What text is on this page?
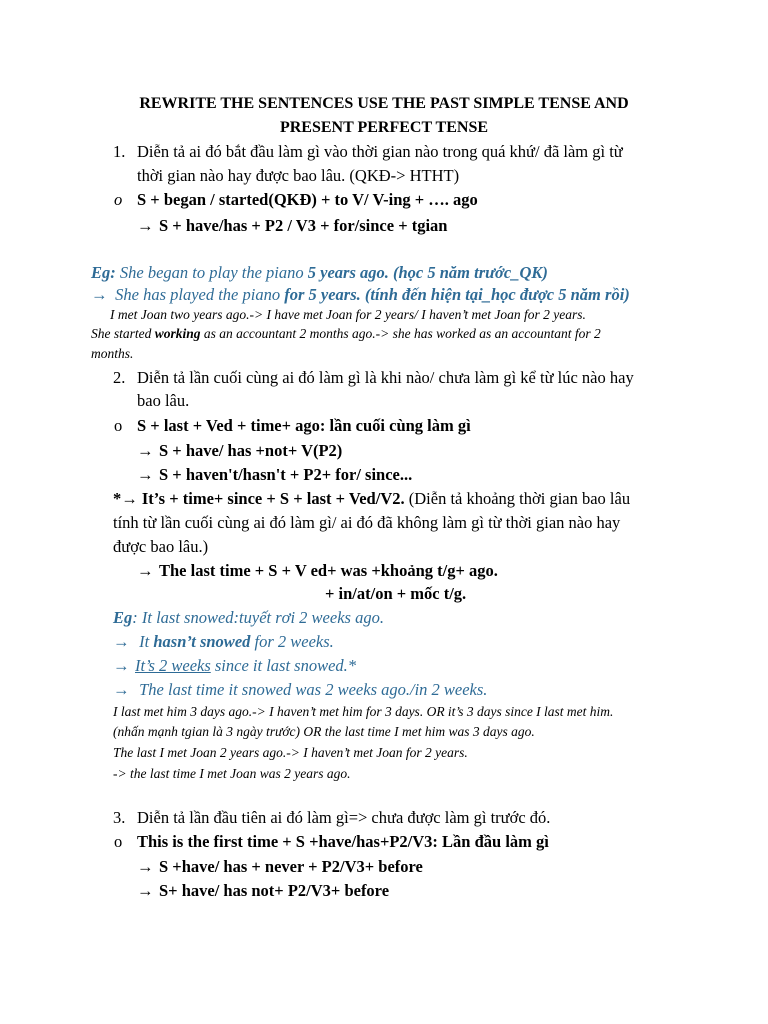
REWRITE THE SENTENCES USE THE PAST SIMPLE TENSE AND
PRESENT PERFECT TENSE
1. Diễn tả ai đó bắt đầu làm gì vào thời gian nào trong quá khứ/ đã làm gì từ
thời gian nào hay được bao lâu. (QKĐ-> HTHT)
o S + began / started(QKĐ) + to V/ V-ing + …. ago
→ S + have/has + P2 / V3 + for/since + tgian
Eg: She began to play the piano 5 years ago. (học 5 năm trước_QK)
→ She has played the piano for 5 years. (tính đến hiện tại_học được 5 năm rồi)
I met Joan two years ago.-> I have met Joan for 2 years/ I haven’t met Joan for 2 years.
She started working as an accountant 2 months ago.-> she has worked as an accountant for 2
months.
2. Diễn tả lần cuối cùng ai đó làm gì là khi nào/ chưa làm gì kể từ lúc nào hay
bao lâu.
o S + last + Ved + time+ ago: lần cuối cùng làm gì
→ S + have/ has +not+ V(P2)
→ S + haven't/hasn't + P2+ for/ since...
*→ It’s + time+ since + S + last + Ved/V2. (Diễn tả khoảng thời gian bao lâu
tính từ lần cuối cùng ai đó làm gì/ ai đó đã không làm gì từ thời gian nào hay
được bao lâu.)
→ The last time + S + V ed+ was +khoảng t/g+ ago.
+ in/at/on + mốc t/g.
Eg: It last snowed:tuyết rơi 2 weeks ago.
→ It hasn’t snowed for 2 weeks.
→ It’s 2 weeks since it last snowed.*
→ The last time it snowed was 2 weeks ago./in 2 weeks.
I last met him 3 days ago.-> I haven’t met him for 3 days. OR it’s 3 days since I last met him.
(nhấn mạnh tgian là 3 ngày trước) OR the last time I met him was 3 days ago.
The last I met Joan 2 years ago.-> I haven’t met Joan for 2 years.
-> the last time I met Joan was 2 years ago.
3. Diễn tả lần đầu tiên ai đó làm gì=> chưa được làm gì trước đó.
o This is the first time + S +have/has+P2/V3: Lần đầu làm gì
→ S +have/ has + never + P2/V3+ before
→ S+ have/ has not+ P2/V3+ before
